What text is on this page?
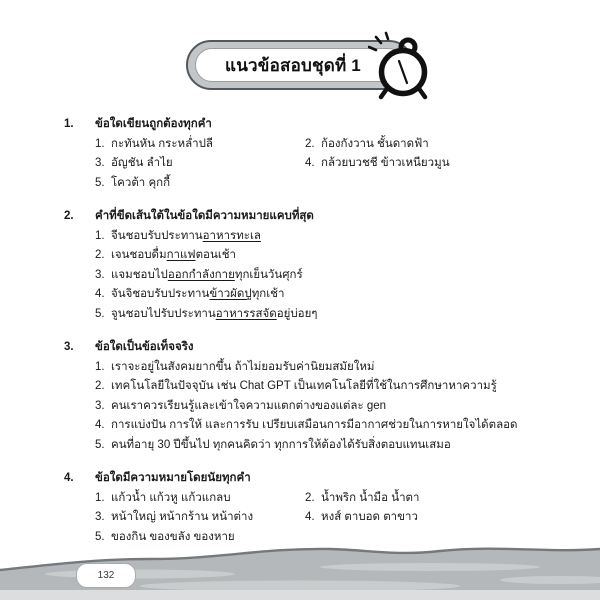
แนวข้อสอบชุดที่ 1
1.	ข้อใดเขียนถูกต้องทุกคำ
1. กะทันหัน กระหล่ำปลี	2. ก้องกังวาน ชั้นดาดฟ้า
3. อัญชัน ลำไย	4. กล้วยบวชชี ข้าวเหนียวมูน
5. โควต้า คุกกี้
2.	คำที่ขีดเส้นใต้ในข้อใดมีความหมายแคบที่สุด
1. จีนชอบรับประทานอาหารทะเล
2. เจนชอบดื่มกาแฟตอนเช้า
3. แจมชอบไปออกกำลังกายทุกเย็นวันศุกร์
4. จันจิชอบรับประทานข้าวผัดปูทุกเช้า
5. จูนชอบไปรับประทานอาหารรสจัดอยู่บ่อยๆ
3.	ข้อใดเป็นข้อเท็จจริง
1. เราจะอยู่ในสังคมยากขึ้น ถ้าไม่ยอมรับค่านิยมสมัยใหม่
2. เทคโนโลยีในปัจจุบัน เช่น Chat GPT เป็นเทคโนโลยีที่ใช้ในการศึกษาหาความรู้
3. คนเราควรเรียนรู้และเข้าใจความแตกต่างของแต่ละ gen
4. การแบ่งปัน การให้ และการรับ เปรียบเสมือนการมีอากาศช่วยในการหายใจได้ตลอด
5. คนที่อายุ 30 ปีขึ้นไป ทุกคนคิดว่า ทุกการให้ต้องได้รับสิ่งตอบแทนเสมอ
4.	ข้อใดมีความหมายโดยนัยทุกคำ
1. แก้วน้ำ แก้วหู แก้วแกลบ	2. น้ำพริก น้ำมือ น้ำตา
3. หน้าใหญ่ หน้ากร้าน หน้าต่าง	4. หงส์ ตาบอด ตาขาว
5. ของกิน ของขลัง ของหาย
132
